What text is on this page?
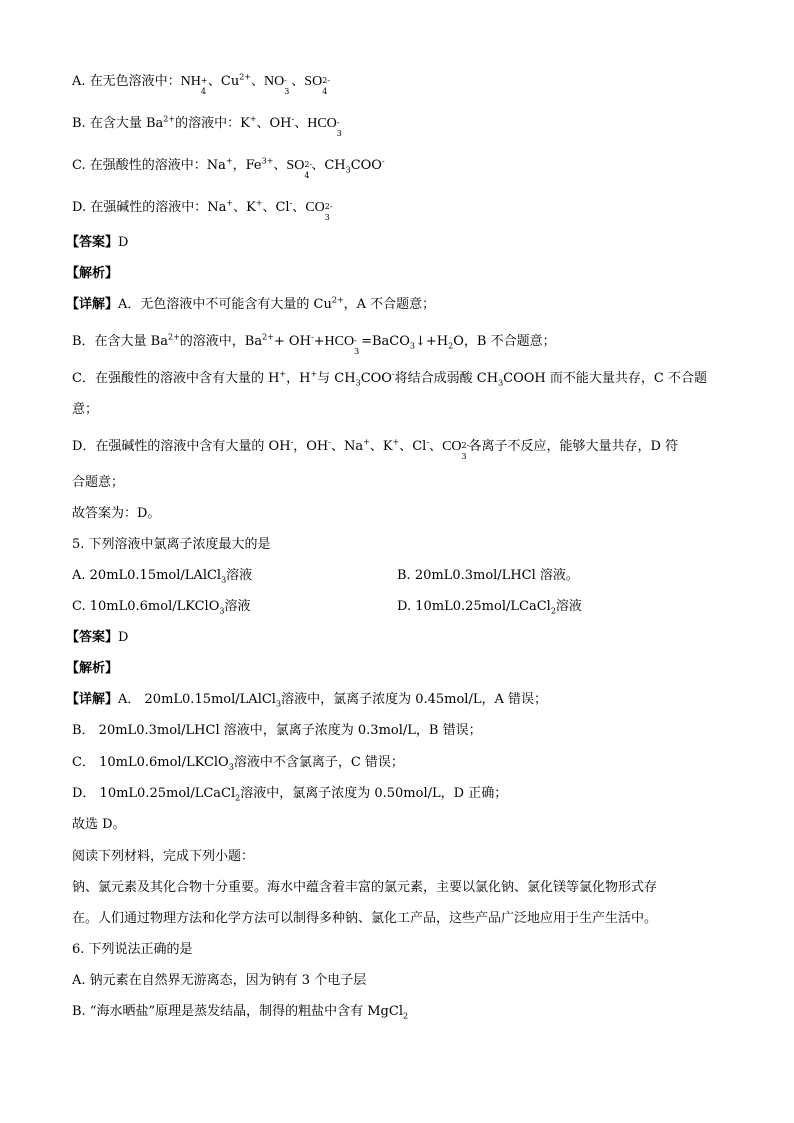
A. 在无色溶液中：NH +
4
、$Cu^{2+}$、NO -
3
、SO 2-
4
B. 在含大量 $Ba^{2+}$的溶液中：K+、OH-、HCO -
3
C. 在强酸性的溶液中：Na+，$Fe^{3+}$、SO 2-
4
、$CH_3COO^-$
D. 在强碱性的溶液中：Na+、K+、Cl-、CO 2-
3
【答案】D
【解析】
【详解】A．无色溶液中不可能含有大量的 $Cu^{2+}$，A 不合题意；
B．在含大量 $Ba^{2+}$的溶液中，$Ba^{2+}+ OH^-+HCO$ -
3
$=BaCO_3↓+H_2O$，B 不合题意；
C．在强酸性的溶液中含有大量的 H+，H+与 $CH_3COO^-$将结合成弱酸 $CH_3COOH$ 而不能大量共存，C 不合题
意；
D．在强碱性的溶液中含有大量的 OH-，OH-、Na+、K+、Cl-、CO 2-
3
各离子不反应，能够大量共存，D 符
合题意；
故答案为：D。
5. 下列溶液中氯离子浓度最大的是
A. 20mL0.15mol/LAlCl$_3$溶液	B. 20mL0.3mol/LHCl 溶液。
C. 10mL0.6mol/LKClO$_3$溶液	D. 10mL0.25mol/LCaCl$_2$溶液
【答案】D
【解析】
【详解】A． 20mL0.15mol/LAlCl$_3$溶液中，氯离子浓度为 0.45mol/L，A 错误；
B． 20mL0.3mol/LHCl 溶液中，氯离子浓度为 0.3mol/L，B 错误；
C． 10mL0.6mol/LKClO$_3$溶液中不含氯离子，C 错误；
D． 10mL0.25mol/LCaCl$_2$溶液中，氯离子浓度为 0.50mol/L，D 正确；
故选 D。
阅读下列材料，完成下列小题：
钠、氯元素及其化合物十分重要。海水中蕴含着丰富的氯元素，主要以氯化钠、氯化镁等氯化物形式存
在。人们通过物理方法和化学方法可以制得多种钠、氯化工产品，这些产品广泛地应用于生产生活中。
6. 下列说法正确的是
A. 钠元素在自然界无游离态，因为钠有 3 个电子层
B. “海水晒盐”原理是蒸发结晶，制得的粗盐中含有 MgCl$_2$
